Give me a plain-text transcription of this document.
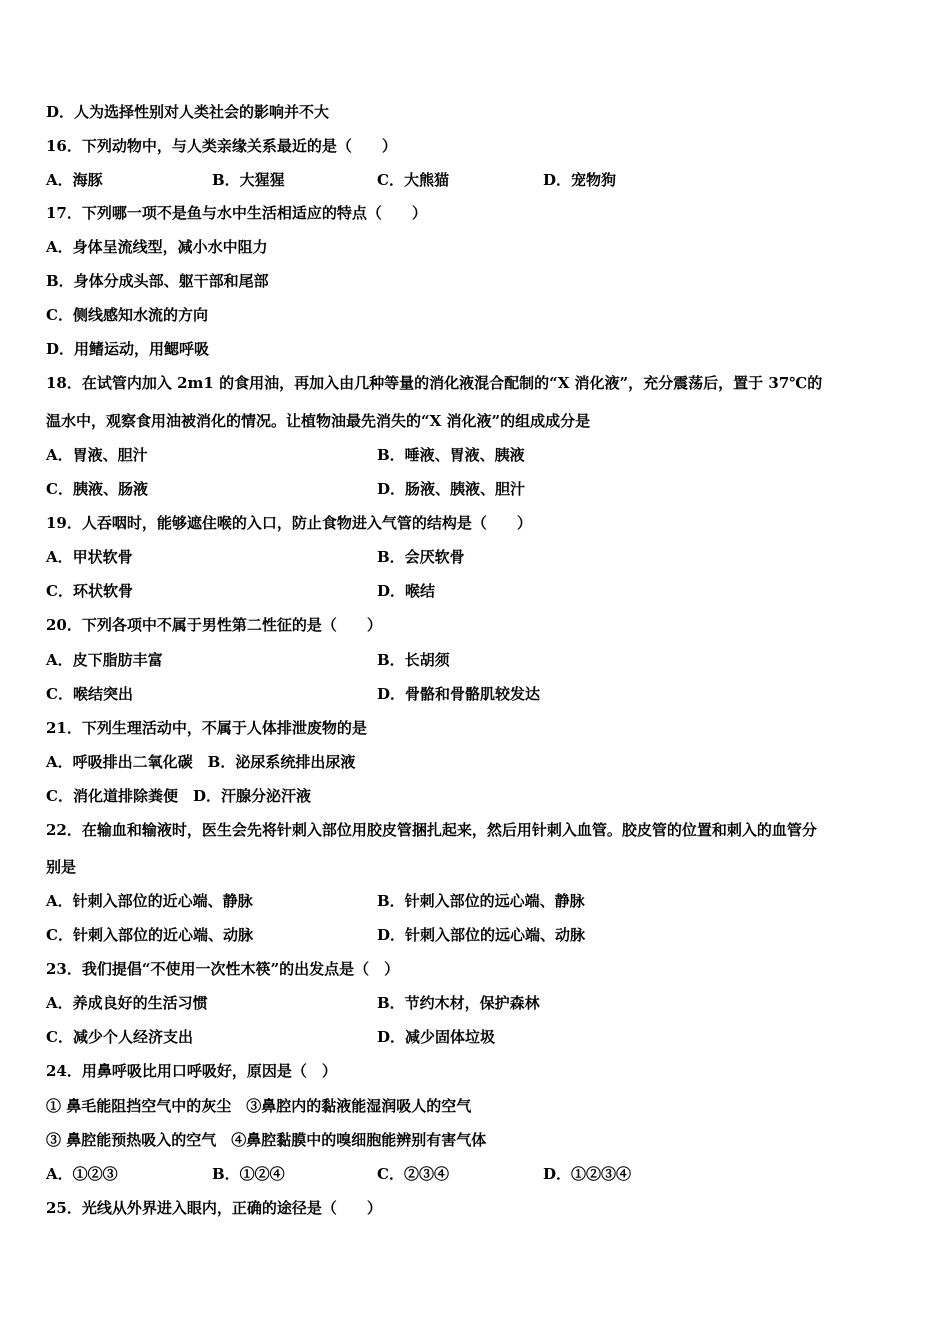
D．人为选择性别对人类社会的影响并不大
16．下列动物中，与人类亲缘关系最近的是（　　）
A．海豚	B．大猩猩	C．大熊猫	D．宠物狗
17．下列哪一项不是鱼与水中生活相适应的特点（　　）
A．身体呈流线型，减小水中阻力
B．身体分成头部、躯干部和尾部
C．侧线感知水流的方向
D．用鳍运动，用鳃呼吸
18．在试管内加入 2m1 的食用油，再加入由几种等量的消化液混合配制的“X 消化液”，充分震荡后，置于 37℃的
温水中，观察食用油被消化的情况。让植物油最先消失的“X 消化液”的组成成分是
A．胃液、胆汁	B．唾液、胃液、胰液
C．胰液、肠液	D．肠液、胰液、胆汁
19．人吞咽时，能够遮住喉的入口，防止食物进入气管的结构是（　　）
A．甲状软骨	B．会厌软骨
C．环状软骨	D．喉结
20．下列各项中不属于男性第二性征的是（　　）
A．皮下脂肪丰富	B．长胡须
C．喉结突出	D．骨骼和骨骼肌较发达
21．下列生理活动中，不属于人体排泄废物的是
A．呼吸排出二氧化碳　B．泌尿系统排出尿液
C．消化道排除粪便　D．汗腺分泌汗液
22．在输血和输液时，医生会先将针刺入部位用胶皮管捆扎起来，然后用针刺入血管。胶皮管的位置和刺入的血管分
别是
A．针刺入部位的近心端、静脉	B．针刺入部位的远心端、静脉
C．针刺入部位的近心端、动脉	D．针刺入部位的远心端、动脉
23．我们提倡“不使用一次性木筷”的出发点是（　）
A．养成良好的生活习惯	B．节约木材，保护森林
C．减少个人经济支出	D．减少固体垃圾
24．用鼻呼吸比用口呼吸好，原因是（　）
① 鼻毛能阻挡空气中的灰尘　③鼻腔内的黏液能湿润吸人的空气
③ 鼻腔能预热吸入的空气　④鼻腔黏膜中的嗅细胞能辨别有害气体
A．①②③	B．①②④	C．②③④	D．①②③④
25．光线从外界进入眼内，正确的途径是（　　）
